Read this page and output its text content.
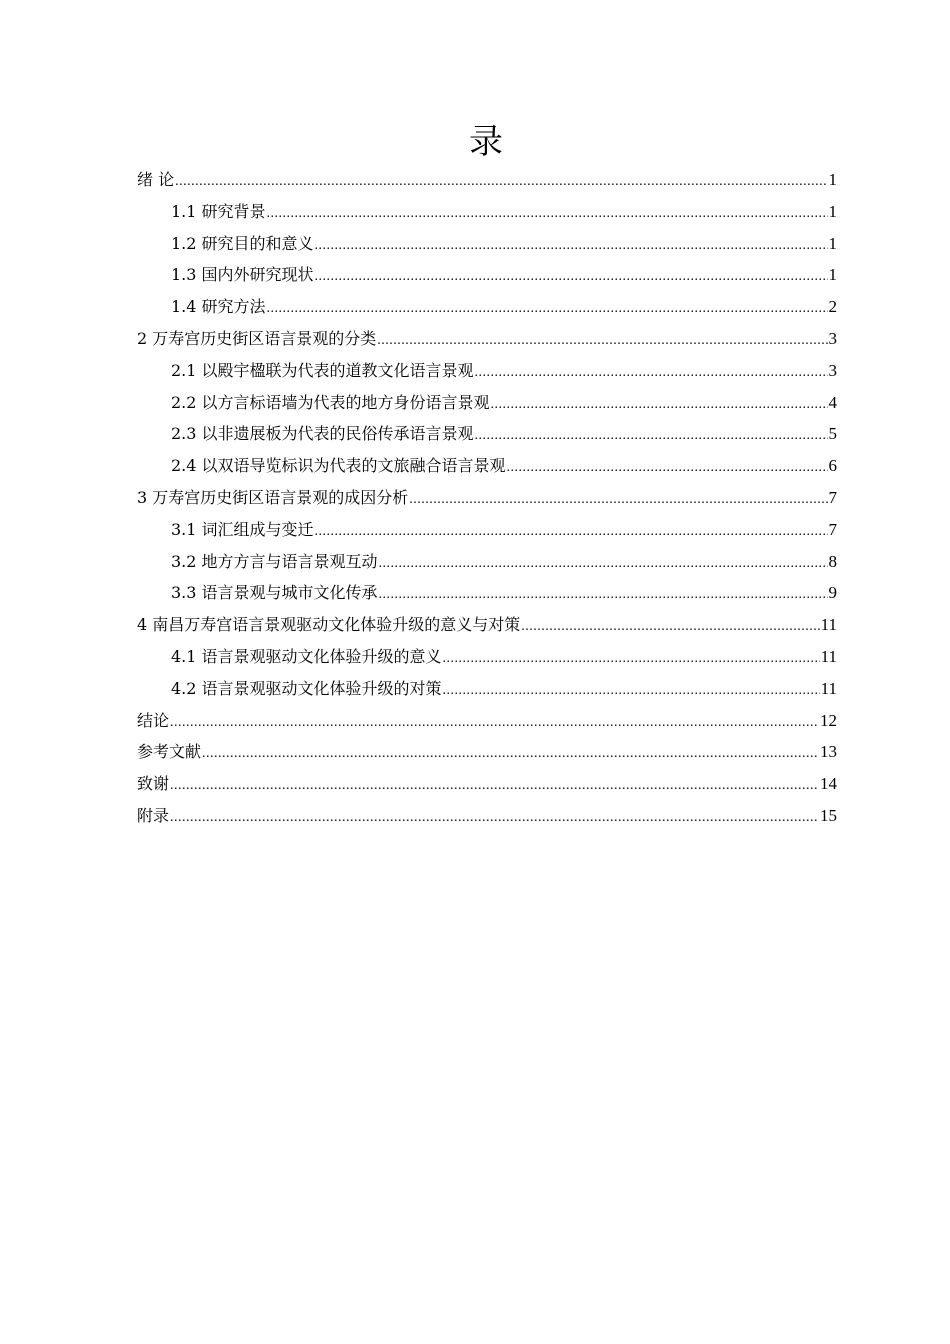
录
绪 论 .....	1
1.1 研究背景 .....	1
1.2 研究目的和意义 .....	1
1.3 国内外研究现状 .....	1
1.4 研究方法 .....	2
2 万寿宫历史街区语言景观的分类 .....	3
2.1 以殿宇楹联为代表的道教文化语言景观 .....	3
2.2 以方言标语墙为代表的地方身份语言景观 .....	4
2.3 以非遗展板为代表的民俗传承语言景观 .....	5
2.4 以双语导览标识为代表的文旅融合语言景观 .....	6
3 万寿宫历史街区语言景观的成因分析 .....	7
3.1 词汇组成与变迁 .....	7
3.2 地方方言与语言景观互动 .....	8
3.3 语言景观与城市文化传承 .....	9
4 南昌万寿宫语言景观驱动文化体验升级的意义与对策 .....	11
4.1 语言景观驱动文化体验升级的意义 .....	11
4.2 语言景观驱动文化体验升级的对策 .....	11
结论 .....	12
参考文献 .....	13
致谢 .....	14
附录 .....	15
